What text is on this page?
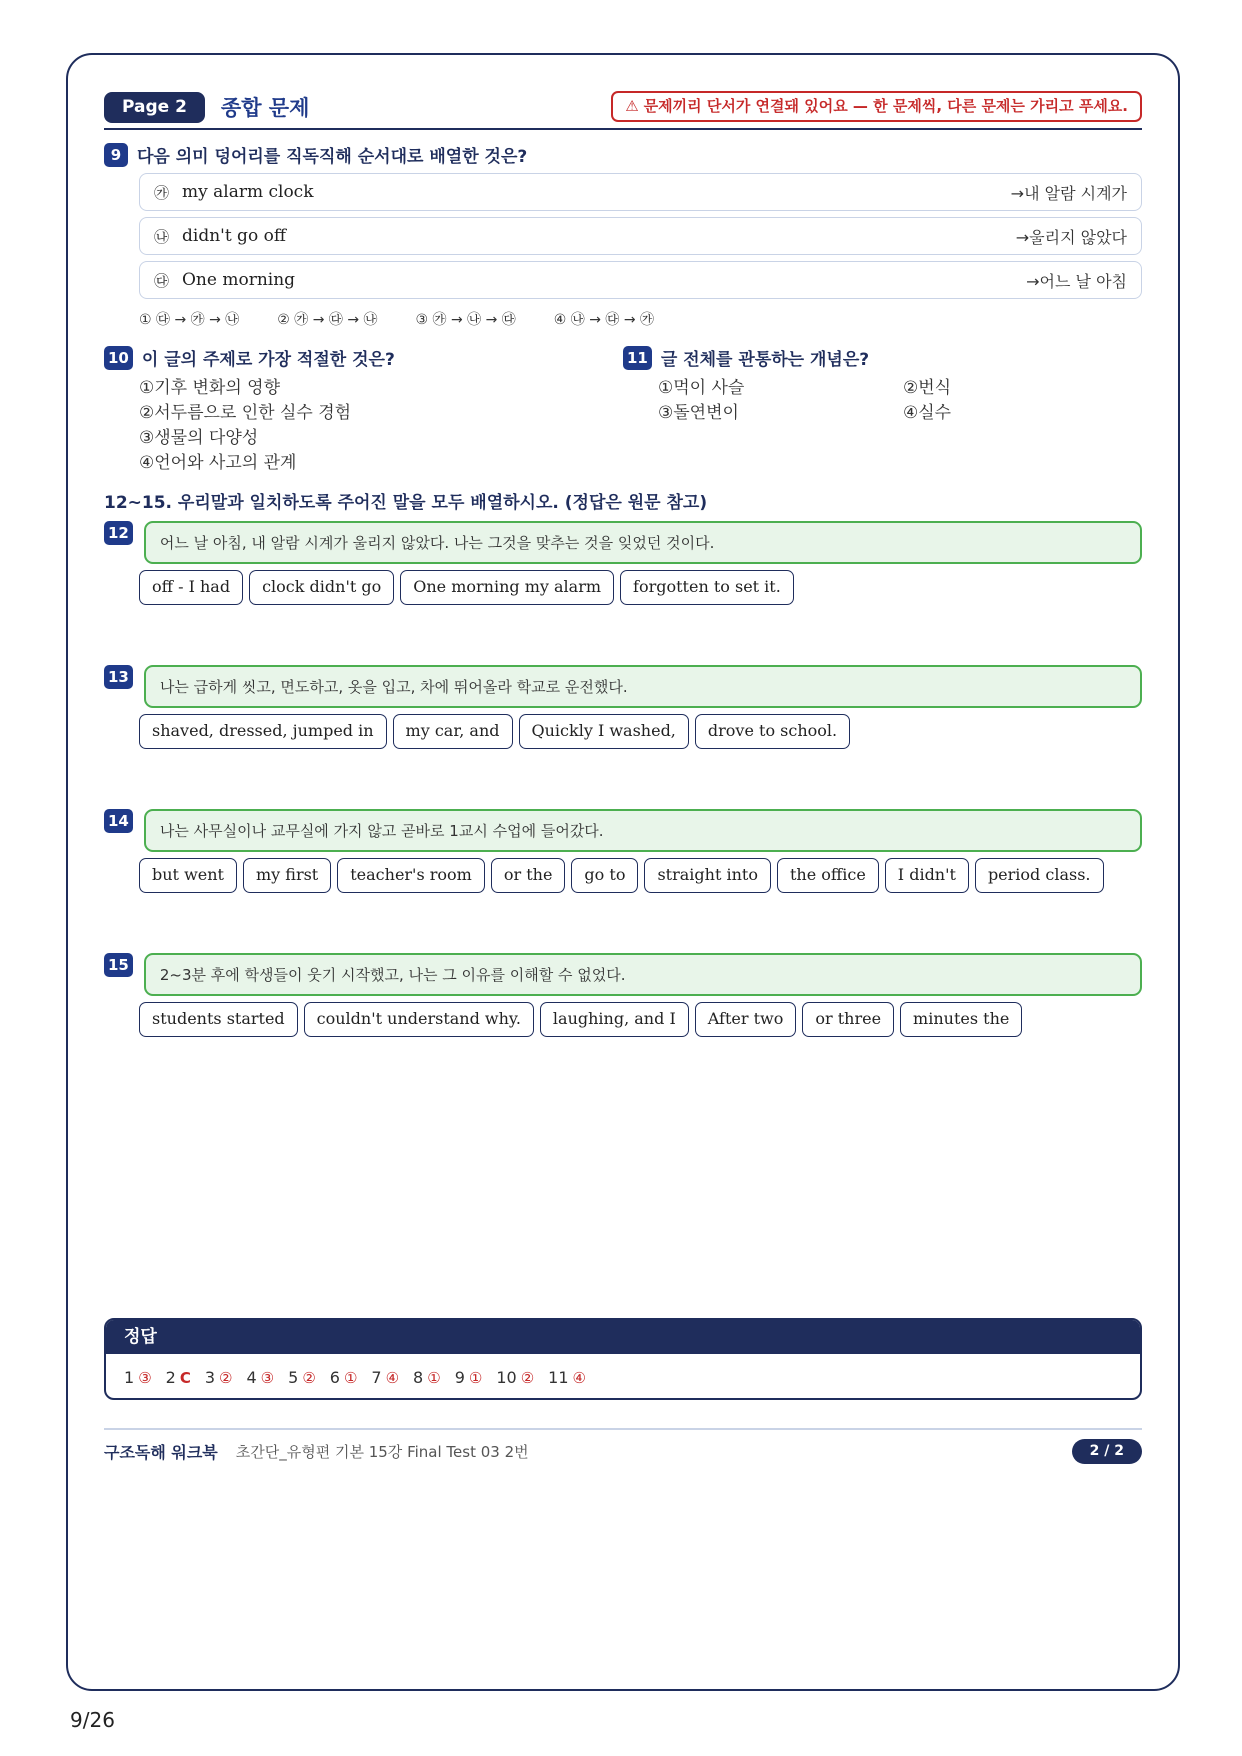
Page 2	종합 문제	⚠ 문제끼리 단서가 연결돼 있어요 — 한 문제씩, 다른 문제는 가리고 푸세요.
9 다음 의미 덩어리를 직독직해 순서대로 배열한 것은?
㉮ my alarm clock	→내 알람 시계가
㉯ didn't go off	→울리지 않았다
㉰ One morning	→어느 날 아침
① ㉰ → ㉮ → ㉯	② ㉮ → ㉰ → ㉯	③ ㉮ → ㉯ → ㉰	④ ㉯ → ㉰ → ㉮
10 이 글의 주제로 가장 적절한 것은?
①기후 변화의 영향
②서두름으로 인한 실수 경험
③생물의 다양성
④언어와 사고의 관계
11 글 전체를 관통하는 개념은?
①먹이 사슬	②번식
③돌연변이	④실수
12~15. 우리말과 일치하도록 주어진 말을 모두 배열하시오. (정답은 원문 참고)
12
어느 날 아침, 내 알람 시계가 울리지 않았다. 나는 그것을 맞추는 것을 잊었던 것이다.
off - I had	clock didn't go	One morning my alarm	forgotten to set it.
13
나는 급하게 씻고, 면도하고, 옷을 입고, 차에 뛰어올라 학교로 운전했다.
shaved, dressed, jumped in	my car, and	Quickly I washed,	drove to school.
14
나는 사무실이나 교무실에 가지 않고 곧바로 1교시 수업에 들어갔다.
but went	my first	teacher's room	or the	go to	straight into	the office	I didn't	period class.
15
2~3분 후에 학생들이 웃기 시작했고, 나는 그 이유를 이해할 수 없었다.
students started	couldn't understand why.	laughing, and I	After two	or three	minutes the
정답
1 ③ 2 C 3 ② 4 ③ 5 ② 6 ① 7 ④ 8 ① 9 ① 10 ② 11 ④
구조독해 워크북 초간단_유형편 기본 15강 Final Test 03 2번	2 / 2
9/26
